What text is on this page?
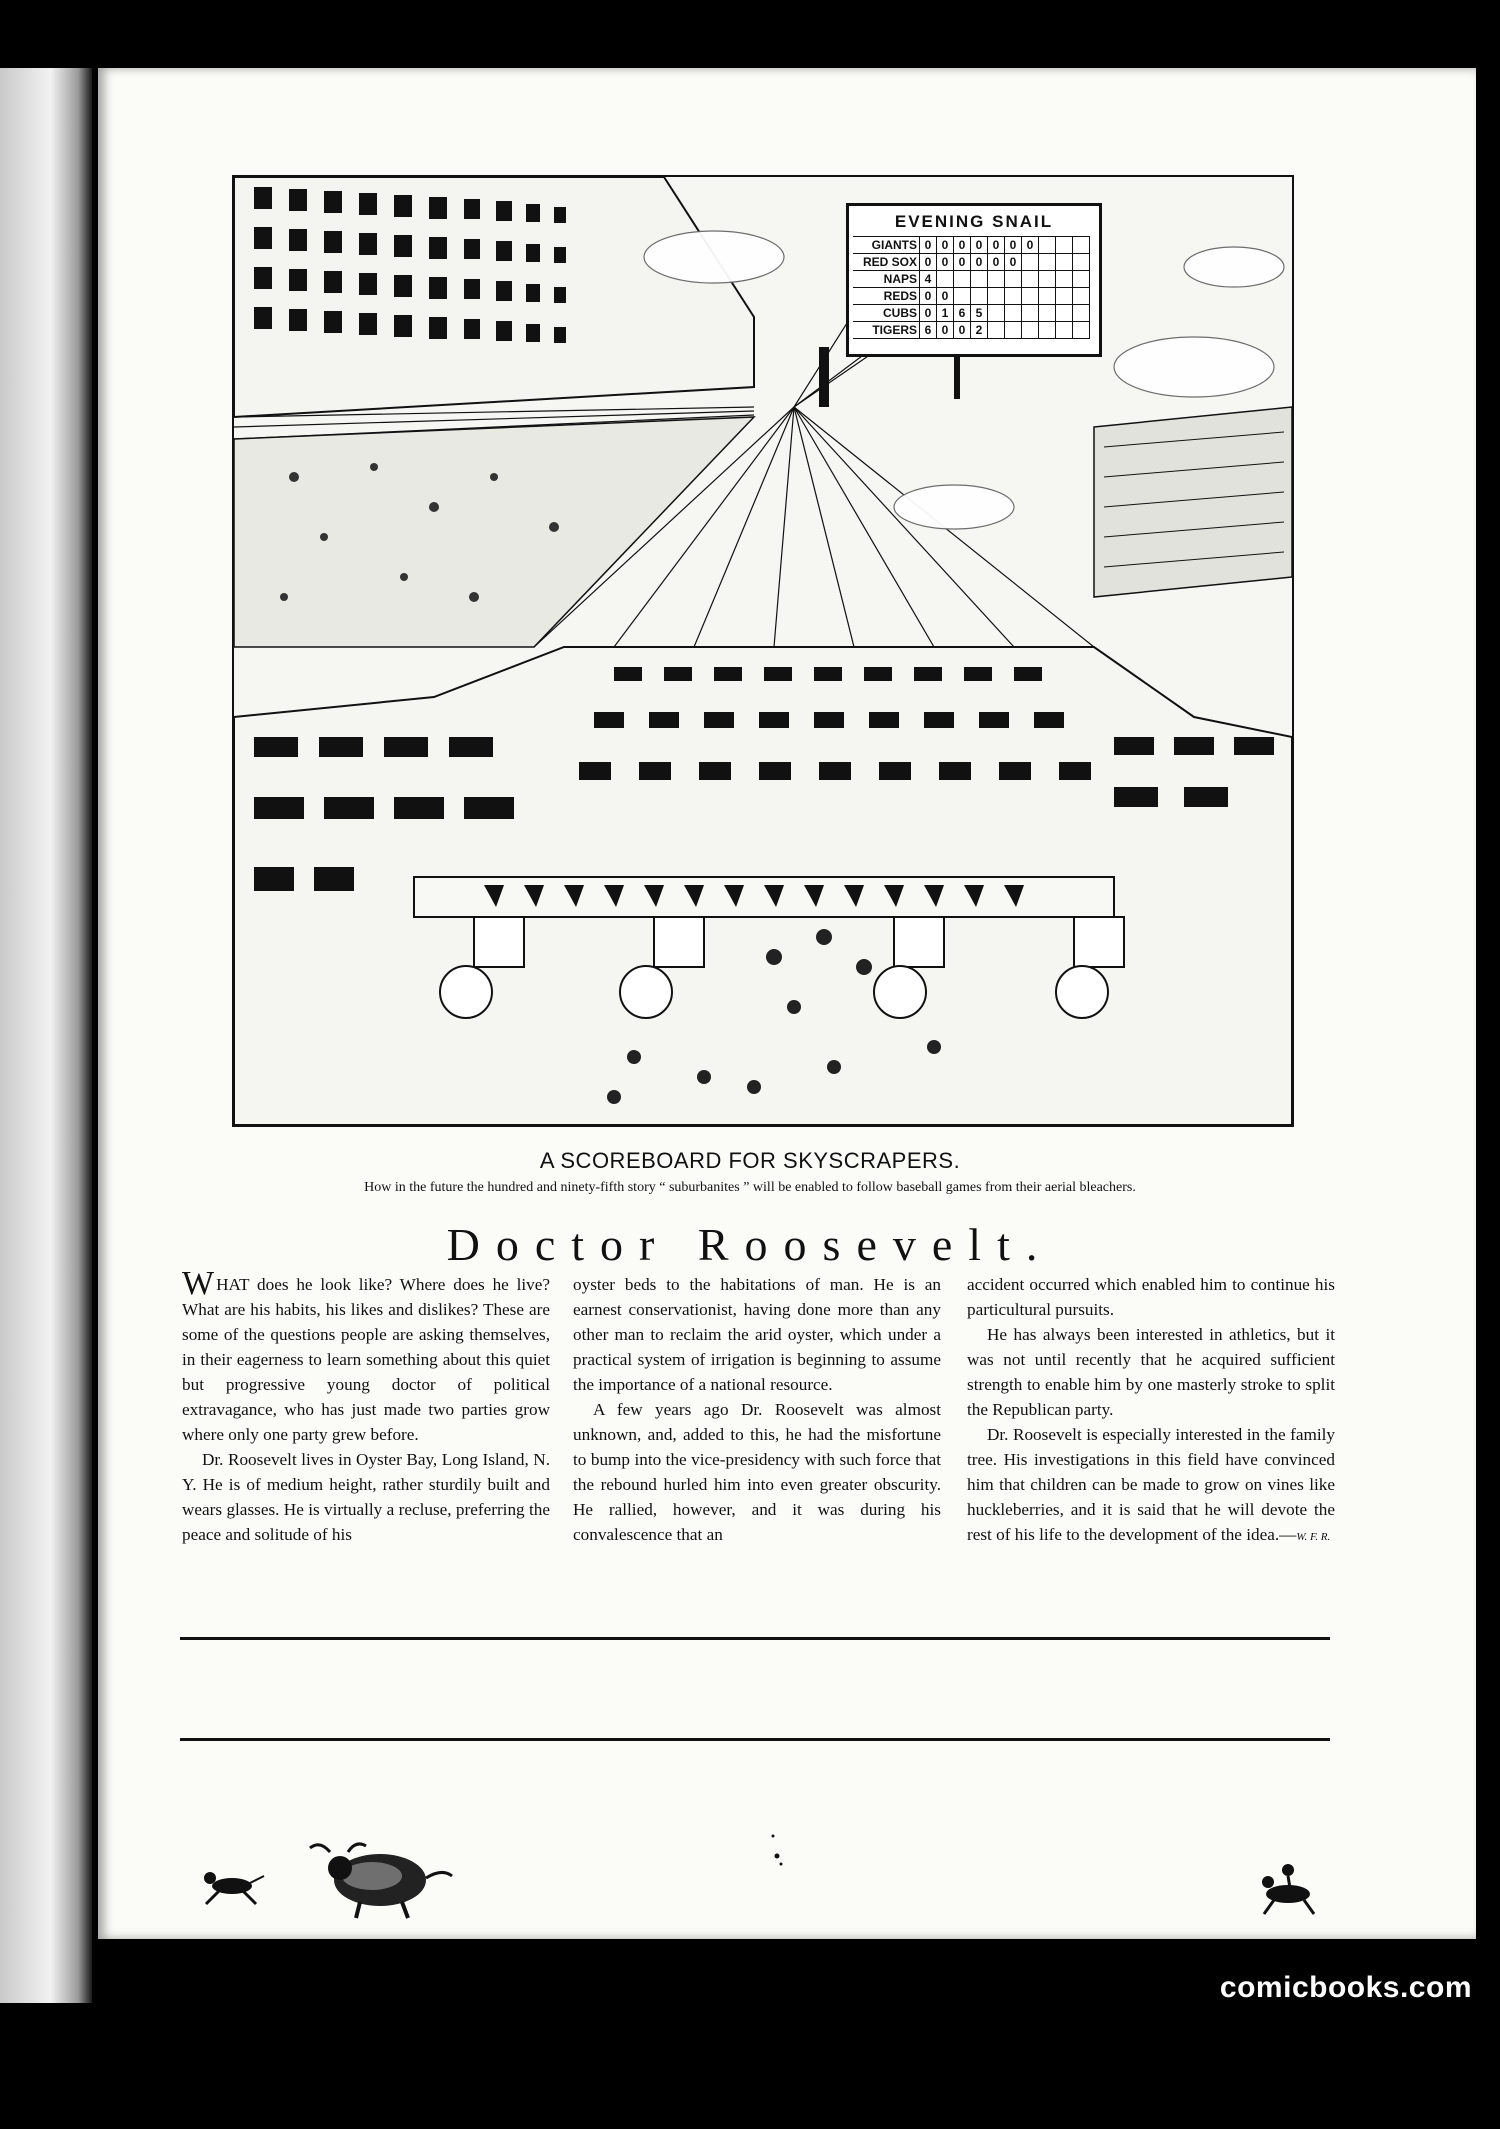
EVENING SNAIL
GIANTS	0	0	0	0	0	0	0			
RED SOX	0	0	0	0	0	0				
NAPS	4									
REDS	0	0								
CUBS	0	1	6	5						
TIGERS	6	0	0	2						
A SCOREBOARD FOR SKYSCRAPERS.
How in the future the hundred and ninety-fifth story “ suburbanites ” will be enabled to follow baseball games from their aerial bleachers.
Doctor Roosevelt.

WHAT does he look like? Where does he live? What are his habits, his likes and dislikes? These are some of the questions people are asking themselves, in their eagerness to learn something about this quiet but progressive young doctor of political extravagance, who has just made two parties grow where only one party grew before.

Dr. Roosevelt lives in Oyster Bay, Long Island, N. Y. He is of medium height, rather sturdily built and wears glasses. He is virtually a recluse, preferring the peace and solitude of his

oyster beds to the habitations of man. He is an earnest conservationist, having done more than any other man to reclaim the arid oyster, which under a practical system of irrigation is beginning to assume the importance of a national resource.

A few years ago Dr. Roosevelt was almost unknown, and, added to this, he had the misfortune to bump into the vice-presidency with such force that the rebound hurled him into even greater obscurity. He rallied, however, and it was during his convalescence that an

accident occurred which enabled him to continue his particultural pursuits.

He has always been interested in athletics, but it was not until recently that he acquired sufficient strength to enable him by one masterly stroke to split the Republican party.

Dr. Roosevelt is especially interested in the family tree. His investigations in this field have convinced him that children can be made to grow on vines like huckleberries, and it is said that he will devote the rest of his life to the development of the idea.—W. F. R.

comicbooks.com
